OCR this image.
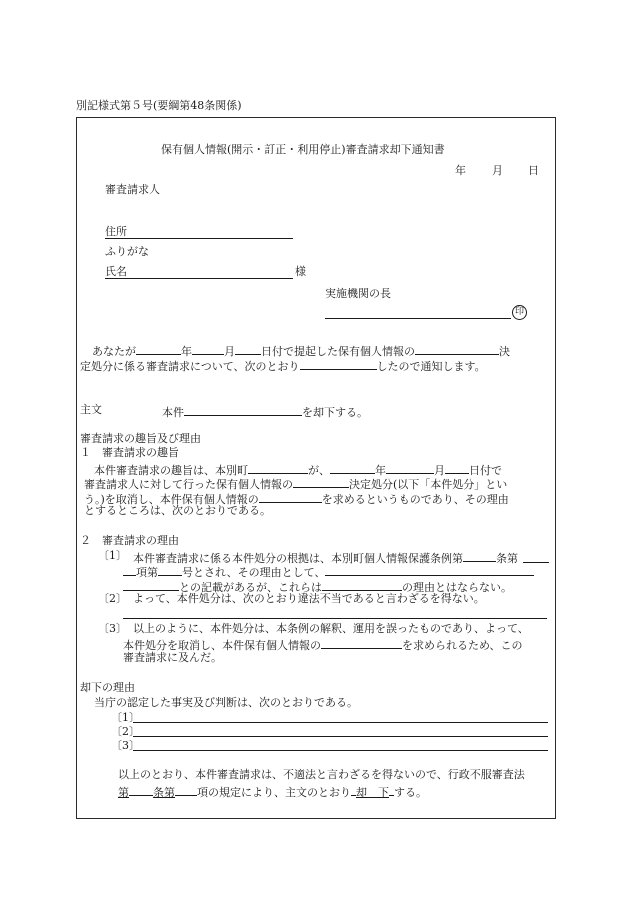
別記様式第５号(要綱第48条関係)
保有個人情報(開示・訂正・利用停止)審査請求却下通知書
年 月 日
審査請求人
住所
ふりがな
氏名	様
実施機関の長
印
あなたが	年	月 日付で提起した保有個人情報の	決
定処分に係る審査請求について、次のとおり	したので通知します。
主文	本件	を却下する。
審査請求の趣旨及び理由
１　審査請求の趣旨
本件審査請求の趣旨は、本別町	が、	年	月 日付で
審査請求人に対して行った保有個人情報の	決定処分(以下「本件処分」とい
う。)を取消し、本件保有個人情報の	を求めるというものであり、その理由
とするところは、次のとおりである。
２　審査請求の理由
〔1〕 本件審査請求に係る本件処分の根拠は、本別町個人情報保護条例第	条第
項第 号とされ、その理由として、
との記載があるが、これらは	の理由とはならない。
〔2〕 よって、本件処分は、次のとおり違法不当であると言わざるを得ない。
〔3〕 以上のように、本件処分は、本条例の解釈、運用を誤ったものであり、よって、
本件処分を取消し、本件保有個人情報の	を求められるため、この
審査請求に及んだ。
却下の理由
当庁の認定した事実及び判断は、次のとおりである。
〔1〕
〔2〕
〔3〕
以上のとおり、本件審査請求は、不適法と言わざるを得ないので、行政不服審査法
第 条第 項の規定により、主文のとおり 却　下 する。
